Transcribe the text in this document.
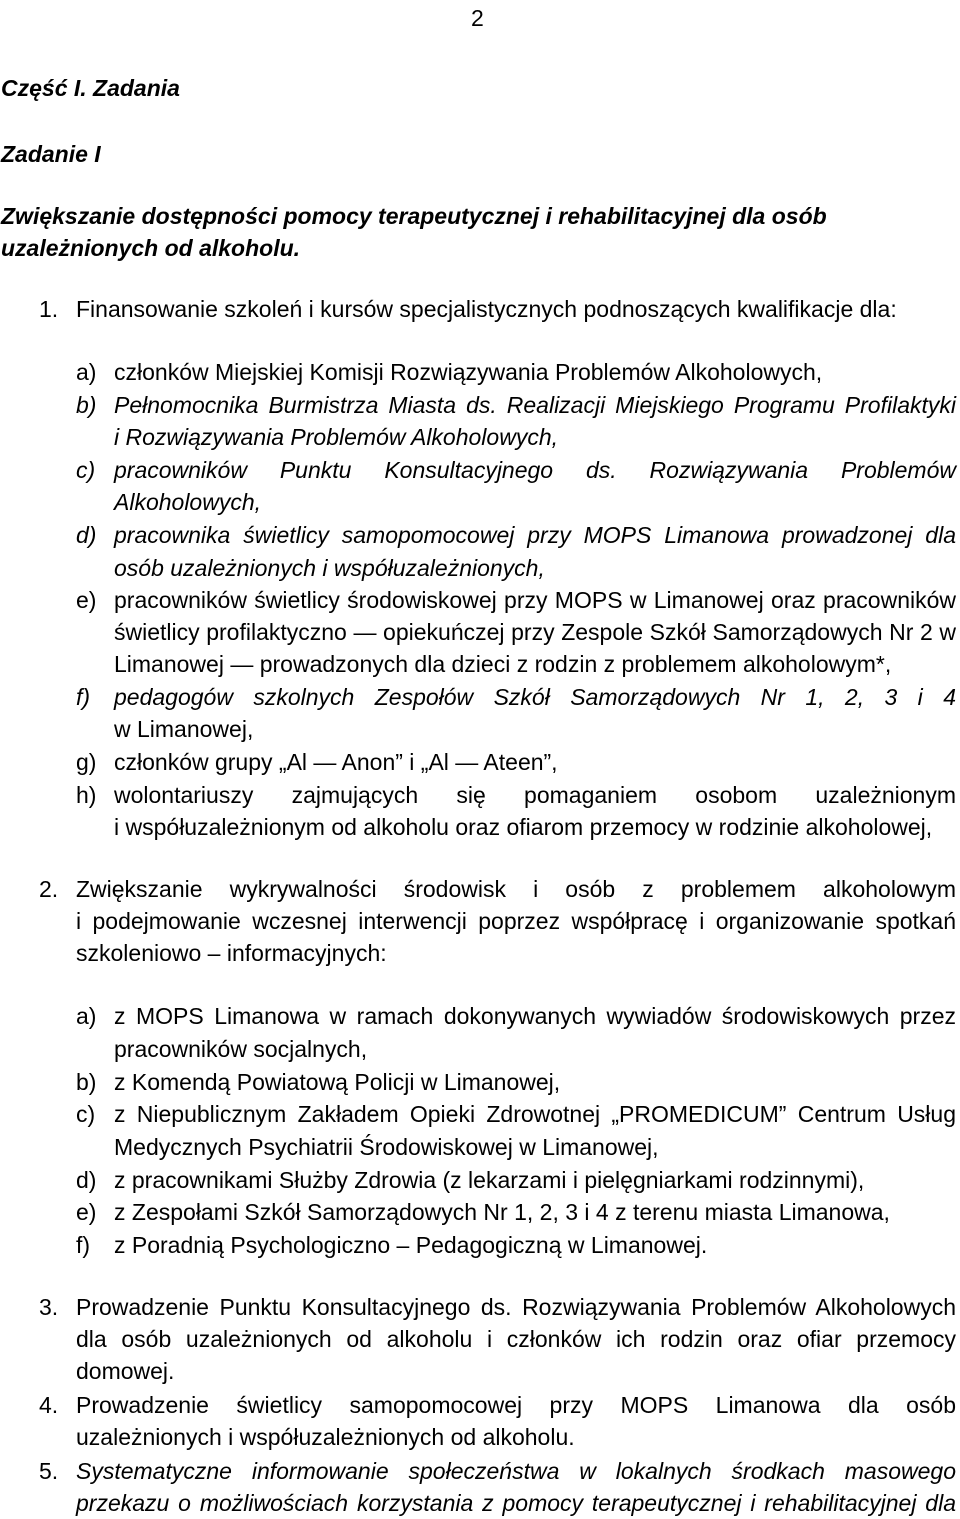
2
Część I. Zadania
Zadanie I
Zwiększanie dostępności pomocy terapeutycznej i rehabilitacyjnej dla osób
uzależnionych od alkoholu.
1. Finansowanie szkoleń i kursów specjalistycznych podnoszących kwalifikacje dla:
a) członków Miejskiej Komisji Rozwiązywania Problemów Alkoholowych,
b) Pełnomocnika Burmistrza Miasta ds. Realizacji Miejskiego Programu Profilaktyki
i Rozwiązywania Problemów Alkoholowych,
c) pracowników Punktu Konsultacyjnego ds. Rozwiązywania Problemów
Alkoholowych,
d) pracownika świetlicy samopomocowej przy MOPS Limanowa prowadzonej dla
osób uzależnionych i współuzależnionych,
e) pracowników świetlicy środowiskowej przy MOPS w Limanowej oraz pracowników
świetlicy profilaktyczno — opiekuńczej przy Zespole Szkół Samorządowych Nr 2 w
Limanowej — prowadzonych dla dzieci z rodzin z problemem alkoholowym*,
f) pedagogów szkolnych Zespołów Szkół Samorządowych Nr 1, 2, 3 i 4
w Limanowej,
g) członków grupy „Al — Anon” i „Al — Ateen”,
h) wolontariuszy zajmujących się pomaganiem osobom uzależnionym
i współuzależnionym od alkoholu oraz ofiarom przemocy w rodzinie alkoholowej,
2. Zwiększanie wykrywalności środowisk i osób z problemem alkoholowym
i podejmowanie wczesnej interwencji poprzez współpracę i organizowanie spotkań
szkoleniowo – informacyjnych:
a) z MOPS Limanowa w ramach dokonywanych wywiadów środowiskowych przez
pracowników socjalnych,
b) z Komendą Powiatową Policji w Limanowej,
c) z Niepublicznym Zakładem Opieki Zdrowotnej „PROMEDICUM” Centrum Usług
Medycznych Psychiatrii Środowiskowej w Limanowej,
d) z pracownikami Służby Zdrowia (z lekarzami i pielęgniarkami rodzinnymi),
e) z Zespołami Szkół Samorządowych Nr 1, 2, 3 i 4 z terenu miasta Limanowa,
f) z Poradnią Psychologiczno – Pedagogiczną w Limanowej.
3. Prowadzenie Punktu Konsultacyjnego ds. Rozwiązywania Problemów Alkoholowych
dla osób uzależnionych od alkoholu i członków ich rodzin oraz ofiar przemocy
domowej.
4. Prowadzenie świetlicy samopomocowej przy MOPS Limanowa dla osób
uzależnionych i współuzależnionych od alkoholu.
5. Systematyczne informowanie społeczeństwa w lokalnych środkach masowego
przekazu o możliwościach korzystania z pomocy terapeutycznej i rehabilitacyjnej dla
